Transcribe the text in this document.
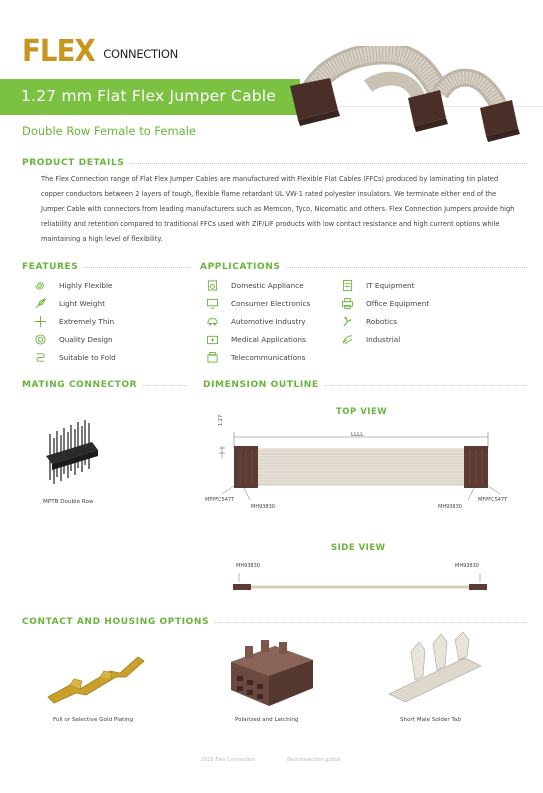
FLEX CONNECTION
1.27 mm Flat Flex Jumper Cable
Double Row Female to Female
PRODUCT DETAILS
The Flex Connection range of Flat Flex Jumper Cables are manufactured with Flexible Flat Cables (FFCs) produced by laminating tin plated copper conductors between 2 layers of tough, flexible flame retardant UL VW-1 rated polyester insulators. We terminate either end of the Jumper Cable with connectors from leading manufacturers such as Memcon, Tyco, Nicomatic and others. Flex Connection Jumpers provide high reliability and retention compared to traditional FFCs used with ZIF/LIF products with low contact resistance and high current options while maintaining a high level of flexibility.
FEATURES
Highly Flexible
Light Weight
Extremely Thin
Quality Design
Suitable to Fold
APPLICATIONS
Domestic Appliance
Consumer Electronics
Automotive Industry
Medical Applications
Telecommunications
IT Equipment
Office Equipment
Robotics
Industrial
MATING CONNECTOR
MPTB Double Row
DIMENSION OUTLINE
TOP VIEW
1.27
LLLL
MFPFC547T
MH93830	MH93830
MFPFC547T
SIDE VIEW
MH93830	MH93830
CONTACT AND HOUSING OPTIONS
Full or Selective Gold Plating	Polarized and Latching	Short Male Solder Tab
2025 Flex Connection	flexconnection.global
